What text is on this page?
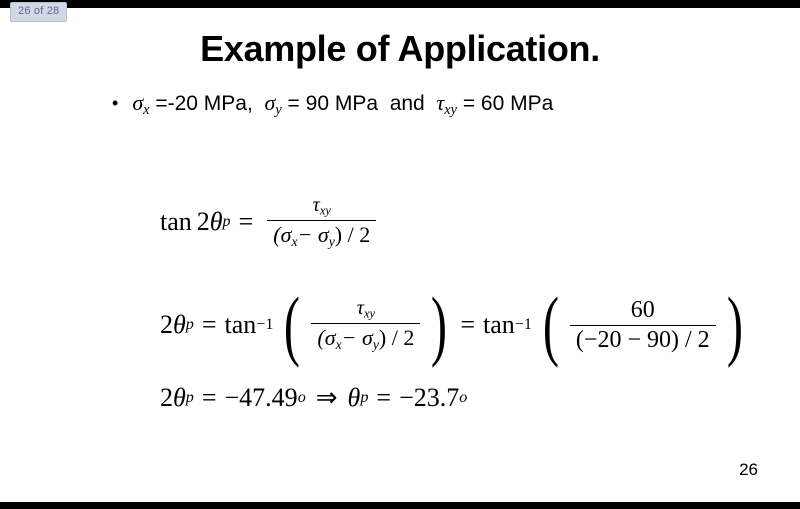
Example of Application.
• $\sigma_x =-20$ MPa, $\sigma_y = 90$ MPa and $\tau_{xy} = 60$ MPa
tan 2 θ $p = \frac{\text{τxy}}{(\sigma x- \sigma y) / 2}$
2 θ p = tan −1 ( $\frac{\text{τxy}}{(\sigma x- \sigma y) / 2}$ ) = tan −1 ( $\frac{60}{(-20 - 90) / 2}$ )
2 θ p = −47.49 o ⇒ θ p = −23.7 o
26
26 of 28
